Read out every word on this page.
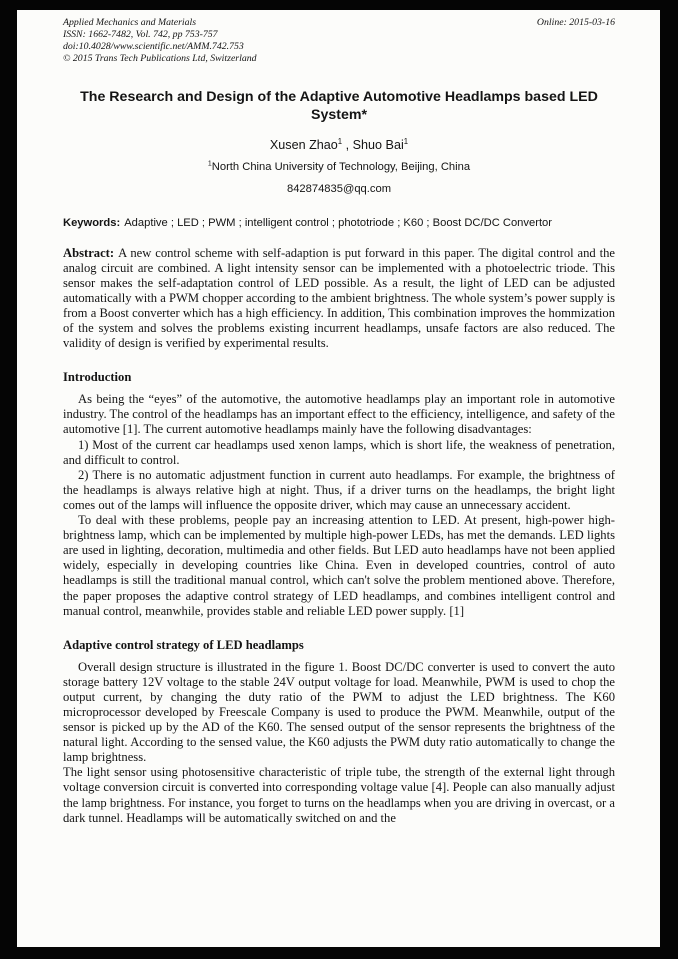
Applied Mechanics and Materials
ISSN: 1662-7482, Vol. 742, pp 753-757
doi:10.4028/www.scientific.net/AMM.742.753
© 2015 Trans Tech Publications Ltd, Switzerland
Online: 2015-03-16
The Research and Design of the Adaptive Automotive Headlamps based LED System*
Xusen Zhao$^1$ , Shuo Bai$^1$
$^1$North China University of Technology, Beijing, China
842874835@qq.com

Keywords: Adaptive ; LED ; PWM ; intelligent control ; phototriode ; K60 ; Boost DC/DC Convertor

Abstract: A new control scheme with self-adaption is put forward in this paper. The digital control and the analog circuit are combined. A light intensity sensor can be implemented with a photoelectric triode. This sensor makes the self-adaptation control of LED possible. As a result, the light of LED can be adjusted automatically with a PWM chopper according to the ambient brightness. The whole system’s power supply is from a Boost converter which has a high efficiency. In addition, This combination improves the hommization of the system and solves the problems existing incurrent headlamps, unsafe factors are also reduced. The validity of design is verified by experimental results.

Introduction

As being the “eyes” of the automotive, the automotive headlamps play an important role in automotive industry. The control of the headlamps has an important effect to the efficiency, intelligence, and safety of the automotive [1]. The current automotive headlamps mainly have the following disadvantages:

1) Most of the current car headlamps used xenon lamps, which is short life, the weakness of penetration, and difficult to control.

2) There is no automatic adjustment function in current auto headlamps. For example, the brightness of the headlamps is always relative high at night. Thus, if a driver turns on the headlamps, the bright light comes out of the lamps will influence the opposite driver, which may cause an unnecessary accident.

To deal with these problems, people pay an increasing attention to LED. At present, high-power high-brightness lamp, which can be implemented by multiple high-power LEDs, has met the demands. LED lights are used in lighting, decoration, multimedia and other fields. But LED auto headlamps have not been applied widely, especially in developing countries like China. Even in developed countries, control of auto headlamps is still the traditional manual control, which can't solve the problem mentioned above. Therefore, the paper proposes the adaptive control strategy of LED headlamps, and combines intelligent control and manual control, meanwhile, provides stable and reliable LED power supply. [1]

Adaptive control strategy of LED headlamps

Overall design structure is illustrated in the figure 1. Boost DC/DC converter is used to convert the auto storage battery 12V voltage to the stable 24V output voltage for load. Meanwhile, PWM is used to chop the output current, by changing the duty ratio of the PWM to adjust the LED brightness. The K60 microprocessor developed by Freescale Company is used to produce the PWM. Meanwhile, output of the sensor is picked up by the AD of the K60. The sensed output of the sensor represents the brightness of the natural light. According to the sensed value, the K60 adjusts the PWM duty ratio automatically to change the lamp brightness.

The light sensor using photosensitive characteristic of triple tube, the strength of the external light through voltage conversion circuit is converted into corresponding voltage value [4]. People can also manually adjust the lamp brightness. For instance, you forget to turns on the headlamps when you are driving in overcast, or a dark tunnel. Headlamps will be automatically switched on and the
